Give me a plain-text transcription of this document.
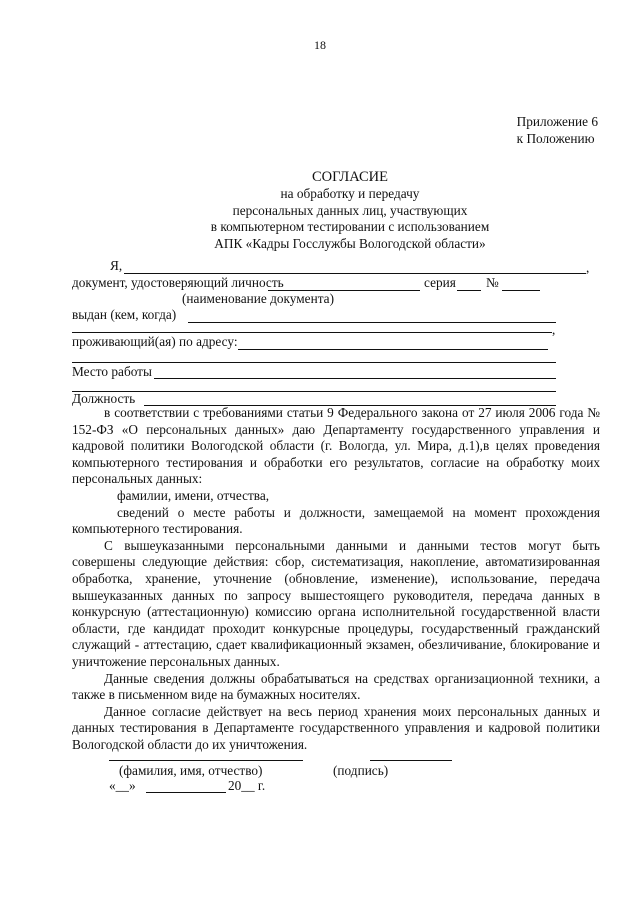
18
Приложение 6
к Положению
СОГЛАСИЕ
на обработку и передачу
персональных данных лиц, участвующих
в компьютерном тестировании с использованием
АПК «Кадры Госслужбы Вологодской области»
Я,	,
документ, удостоверяющий личность	серия №
(наименование документа)
выдан (кем, когда)
,
проживающий(ая) по адресу:
Место работы
Должность

в соответствии с требованиями статьи 9 Федерального закона от 27 июля 2006 года № 152-ФЗ «О персональных данных» даю Департаменту государственного управления и кадровой политики Вологодской области (г. Вологда, ул. Мира, д.1),в целях проведения компьютерного тестирования и обработки его результатов, согласие на обработку моих персональных данных:

фамилии, имени, отчества,

сведений о месте работы и должности, замещаемой на момент прохождения компьютерного тестирования.

С вышеуказанными персональными данными и данными тестов могут быть совершены следующие действия: сбор, систематизация, накопление, автоматизированная обработка, хранение, уточнение (обновление, изменение), использование, передача вышеуказанных данных по запросу вышестоящего руководителя, передача данных в конкурсную (аттестационную) комиссию органа исполнительной государственной власти области, где кандидат проходит конкурсные процедуры, государственный гражданский служащий - аттестацию, сдает квалификационный экзамен, обезличивание, блокирование и уничтожение персональных данных.

Данные сведения должны обрабатываться на средствах организационной техники, а также в письменном виде на бумажных носителях.

Данное согласие действует на весь период хранения моих персональных данных и данных тестирования в Департаменте государственного управления и кадровой политики Вологодской области до их уничтожения.

(фамилия, имя, отчество)	(подпись)
«__»	20__ г.
